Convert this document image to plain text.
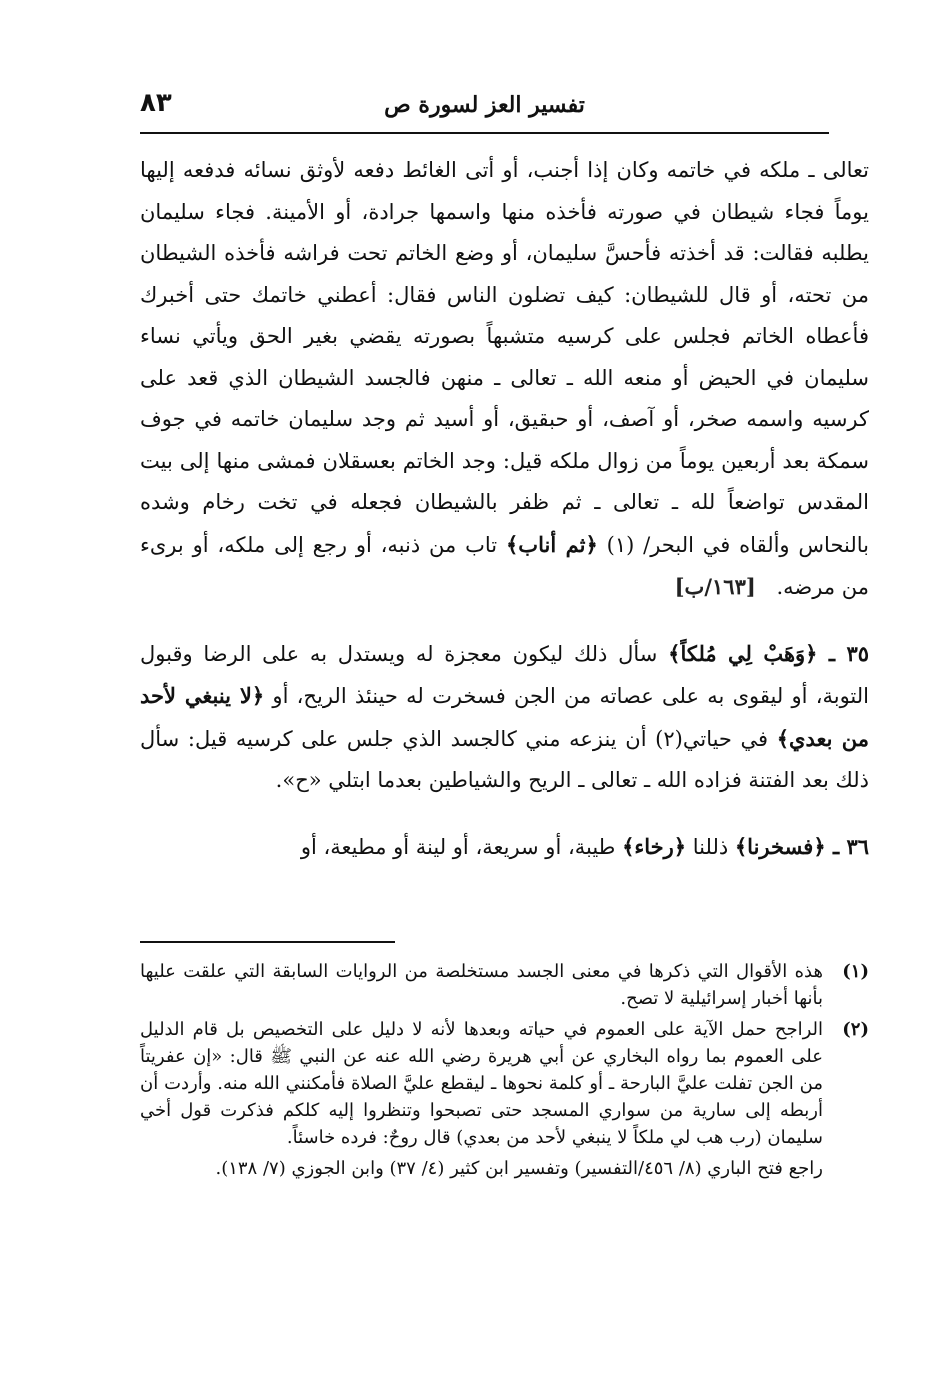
٨٣	تفسير العز لسورة ص

تعالى ـ ملكه في خاتمه وكان إذا أجنب، أو أتى الغائط دفعه لأوثق نسائه فدفعه إليها يوماً فجاء شيطان في صورته فأخذه منها واسمها جرادة، أو الأمينة. فجاء سليمان يطلبه فقالت: قد أخذته فأحسَّ سليمان، أو وضع الخاتم تحت فراشه فأخذه الشيطان من تحته، أو قال للشيطان: كيف تضلون الناس فقال: أعطني خاتمك حتى أخبرك فأعطاه الخاتم فجلس على كرسيه متشبهاً بصورته يقضي بغير الحق ويأتي نساء سليمان في الحيض أو منعه الله ـ تعالى ـ منهن فالجسد الشيطان الذي قعد على كرسيه واسمه صخر، أو آصف، أو حبقيق، أو أسيد ثم وجد سليمان خاتمه في جوف سمكة بعد أربعين يوماً من زوال ملكه قيل: وجد الخاتم بعسقلان فمشى منها إلى بيت المقدس تواضعاً لله ـ تعالى ـ ثم ظفر بالشيطان فجعله في تخت رخام وشده بالنحاس وألقاه في البحر/ (١) ﴿ثم أناب﴾ تاب من ذنبه، أو رجع إلى ملكه، أو برىء من مرضه. [١٦٣/ب]

٣٥ ـ ﴿وَهَبْ لِي مُلكاً﴾ سأل ذلك ليكون معجزة له ويستدل به على الرضا وقبول التوبة، أو ليقوى به على عصاته من الجن فسخرت له حينئذ الريح، أو ﴿لا ينبغي لأحد من بعدي﴾ في حياتي(٢) أن ينزعه مني كالجسد الذي جلس على كرسيه قيل: سأل ذلك بعد الفتنة فزاده الله ـ تعالى ـ الريح والشياطين بعدما ابتلي «ح».

٣٦ ـ ﴿فسخرنا﴾ ذللنا ﴿رخاء﴾ طيبة، أو سريعة، أو لينة أو مطيعة، أو

(١)

هذه الأقوال التي ذكرها في معنى الجسد مستخلصة من الروايات السابقة التي علقت عليها بأنها أخبار إسرائيلية لا تصح.

(٢)

الراجح حمل الآية على العموم في حياته وبعدها لأنه لا دليل على التخصيص بل قام الدليل على العموم بما رواه البخاري عن أبي هريرة رضي الله عنه عن النبي ﷺ قال: «إن عفريتاً من الجن تفلت عليَّ البارحة ـ أو كلمة نحوها ـ ليقطع عليَّ الصلاة فأمكنني الله منه. وأردت أن أربطه إلى سارية من سواري المسجد حتى تصبحوا وتنظروا إليه كلكم فذكرت قول أخي سليمان (رب هب لي ملكاً لا ينبغي لأحد من بعدي) قال روحٌ: فرده خاسئاً.

راجع فتح الباري (٨/ ٤٥٦/التفسير) وتفسير ابن كثير (٤/ ٣٧) وابن الجوزي (٧/ ١٣٨).
